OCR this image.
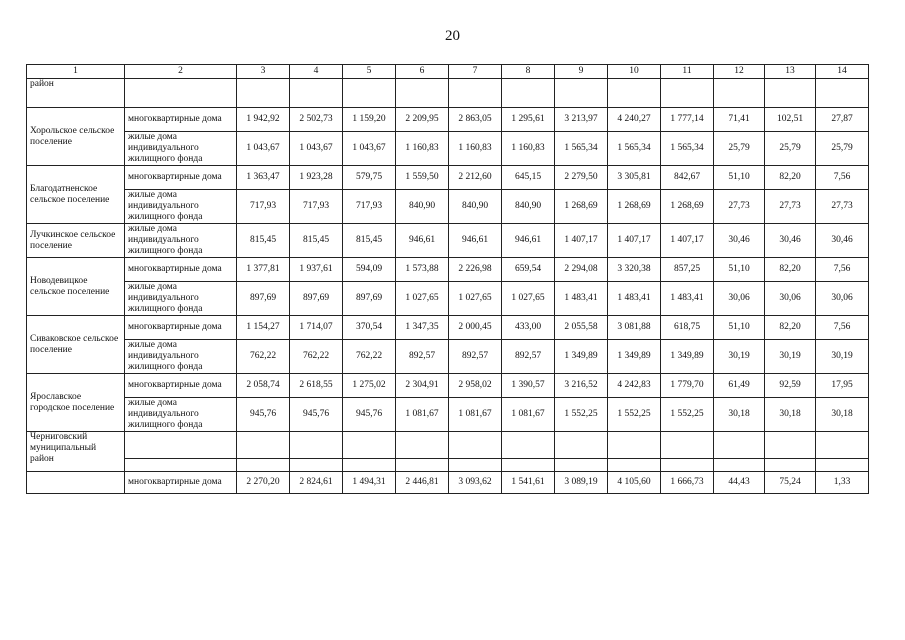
20
1	2	3	4	5	6	7	8	9	10	11	12	13	14
район													
Хорольское сельское поселение	многоквартирные дома	1 942,92	2 502,73	1 159,20	2 209,95	2 863,05	1 295,61	3 213,97	4 240,27	1 777,14	71,41	102,51	27,87
	жилые дома индивидуального жилищного фонда	1 043,67	1 043,67	1 043,67	1 160,83	1 160,83	1 160,83	1 565,34	1 565,34	1 565,34	25,79	25,79	25,79
Благодатненское сельское поселение	многоквартирные дома	1 363,47	1 923,28	579,75	1 559,50	2 212,60	645,15	2 279,50	3 305,81	842,67	51,10	82,20	7,56
	жилые дома индивидуального жилищного фонда	717,93	717,93	717,93	840,90	840,90	840,90	1 268,69	1 268,69	1 268,69	27,73	27,73	27,73
Лучкинское сельское поселение	жилые дома индивидуального жилищного фонда	815,45	815,45	815,45	946,61	946,61	946,61	1 407,17	1 407,17	1 407,17	30,46	30,46	30,46
Новодевицкое сельское поселение	многоквартирные дома	1 377,81	1 937,61	594,09	1 573,88	2 226,98	659,54	2 294,08	3 320,38	857,25	51,10	82,20	7,56
	жилые дома индивидуального жилищного фонда	897,69	897,69	897,69	1 027,65	1 027,65	1 027,65	1 483,41	1 483,41	1 483,41	30,06	30,06	30,06
Сиваковское сельское поселение	многоквартирные дома	1 154,27	1 714,07	370,54	1 347,35	2 000,45	433,00	2 055,58	3 081,88	618,75	51,10	82,20	7,56
	жилые дома индивидуального жилищного фонда	762,22	762,22	762,22	892,57	892,57	892,57	1 349,89	1 349,89	1 349,89	30,19	30,19	30,19
Ярославское городское поселение	многоквартирные дома	2 058,74	2 618,55	1 275,02	2 304,91	2 958,02	1 390,57	3 216,52	4 242,83	1 779,70	61,49	92,59	17,95
	жилые дома индивидуального жилищного фонда	945,76	945,76	945,76	1 081,67	1 081,67	1 081,67	1 552,25	1 552,25	1 552,25	30,18	30,18	30,18
Черниговский муниципальный район													

	многоквартирные дома	2 270,20	2 824,61	1 494,31	2 446,81	3 093,62	1 541,61	3 089,19	4 105,60	1 666,73	44,43	75,24	1,33
